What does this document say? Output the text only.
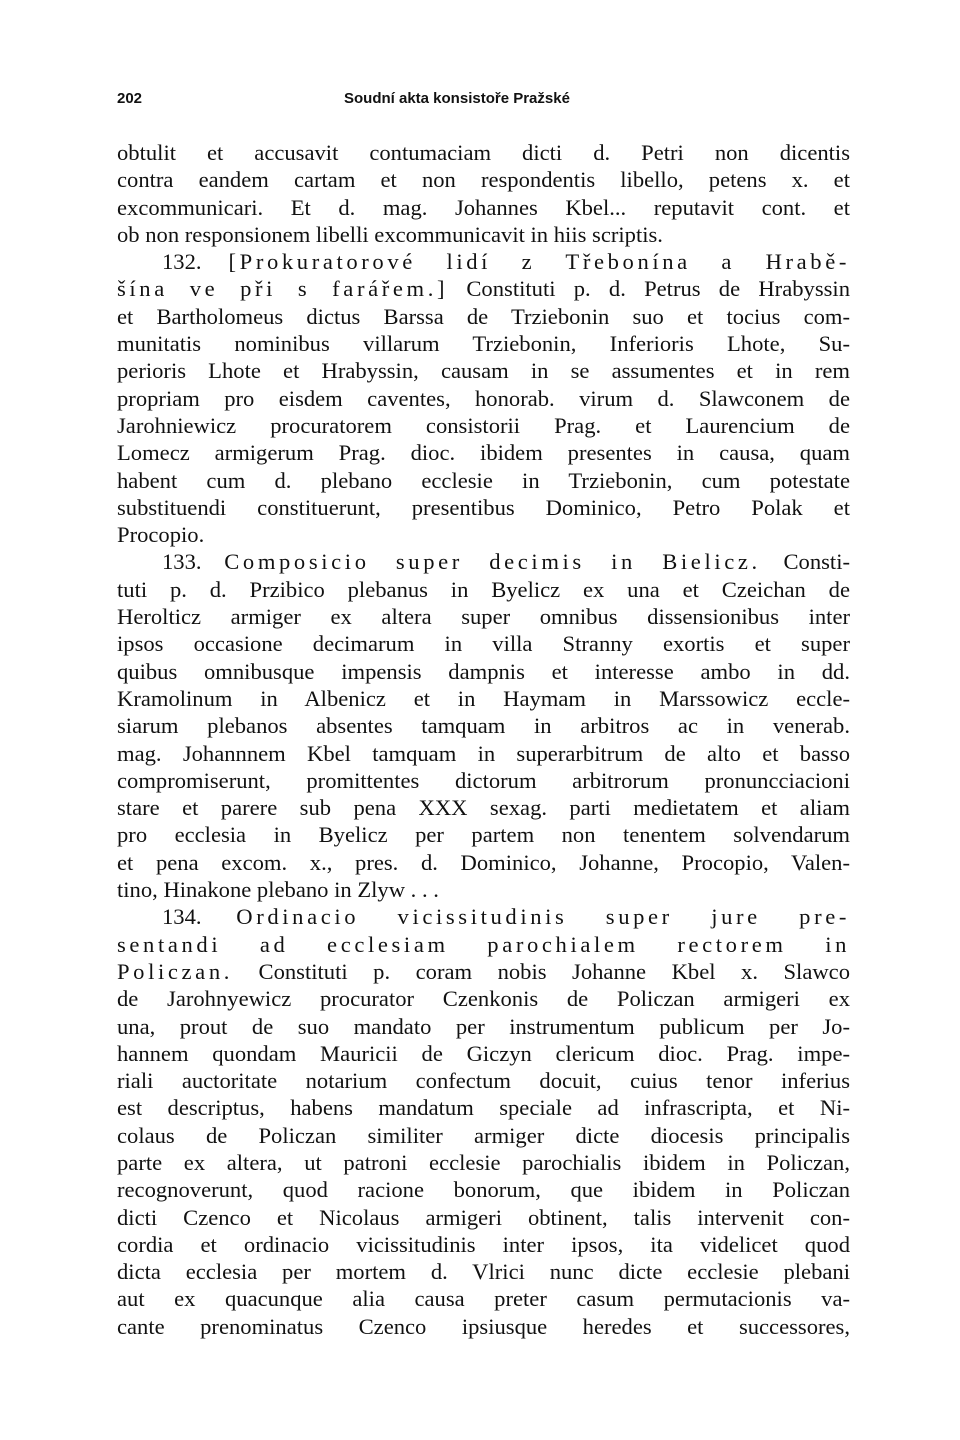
202	Soudní akta konsistoře Pražské
obtulit et accusavit contumaciam dicti d. Petri non dicentis
contra eandem cartam et non respondentis libello, petens x. et
excommunicari. Et d. mag. Johannes Kbel... reputavit cont. et
ob non responsionem libelli excommunicavit in hiis scriptis.
132. [Prokuratorové lidí z Třebonína a Hrabě-
šína ve při s farářem.] Constituti p. d. Petrus de Hrabyssin
et Bartholomeus dictus Barssa de Trziebonin suo et tocius com-
munitatis nominibus villarum Trziebonin, Inferioris Lhote, Su-
perioris Lhote et Hrabyssin, causam in se assumentes et in rem
propriam pro eisdem caventes, honorab. virum d. Slawconem de
Jarohniewicz procuratorem consistorii Prag. et Laurencium de
Lomecz armigerum Prag. dioc. ibidem presentes in causa, quam
habent cum d. plebano ecclesie in Trziebonin, cum potestate
substituendi constituerunt, presentibus Dominico, Petro Polak et
Procopio.
133. Composicio super decimis in Bielicz. Consti-
tuti p. d. Przibico plebanus in Byelicz ex una et Czeichan de
Herolticz armiger ex altera super omnibus dissensionibus inter
ipsos occasione decimarum in villa Stranny exortis et super
quibus omnibusque impensis dampnis et interesse ambo in dd.
Kramolinum in Albenicz et in Haymam in Marssowicz eccle-
siarum plebanos absentes tamquam in arbitros ac in venerab.
mag. Johannnem Kbel tamquam in superarbitrum de alto et basso
compromiserunt, promittentes dictorum arbitrorum pronuncciacioni
stare et parere sub pena XXX sexag. parti medietatem et aliam
pro ecclesia in Byelicz per partem non tenentem solvendarum
et pena excom. x., pres. d. Dominico, Johanne, Procopio, Valen-
tino, Hinakone plebano in Zlyw . . .
134. Ordinacio vicissitudinis super jure pre-
sentandi ad ecclesiam parochialem rectorem in
Policzan. Constituti p. coram nobis Johanne Kbel x. Slawco
de Jarohnyewicz procurator Czenkonis de Policzan armigeri ex
una, prout de suo mandato per instrumentum publicum per Jo-
hannem quondam Mauricii de Giczyn clericum dioc. Prag. impe-
riali auctoritate notarium confectum docuit, cuius tenor inferius
est descriptus, habens mandatum speciale ad infrascripta, et Ni-
colaus de Policzan similiter armiger dicte diocesis principalis
parte ex altera, ut patroni ecclesie parochialis ibidem in Policzan,
recognoverunt, quod racione bonorum, que ibidem in Policzan
dicti Czenco et Nicolaus armigeri obtinent, talis intervenit con-
cordia et ordinacio vicissitudinis inter ipsos, ita videlicet quod
dicta ecclesia per mortem d. Vlrici nunc dicte ecclesie plebani
aut ex quacunque alia causa preter casum permutacionis va-
cante prenominatus Czenco ipsiusque heredes et successores,
